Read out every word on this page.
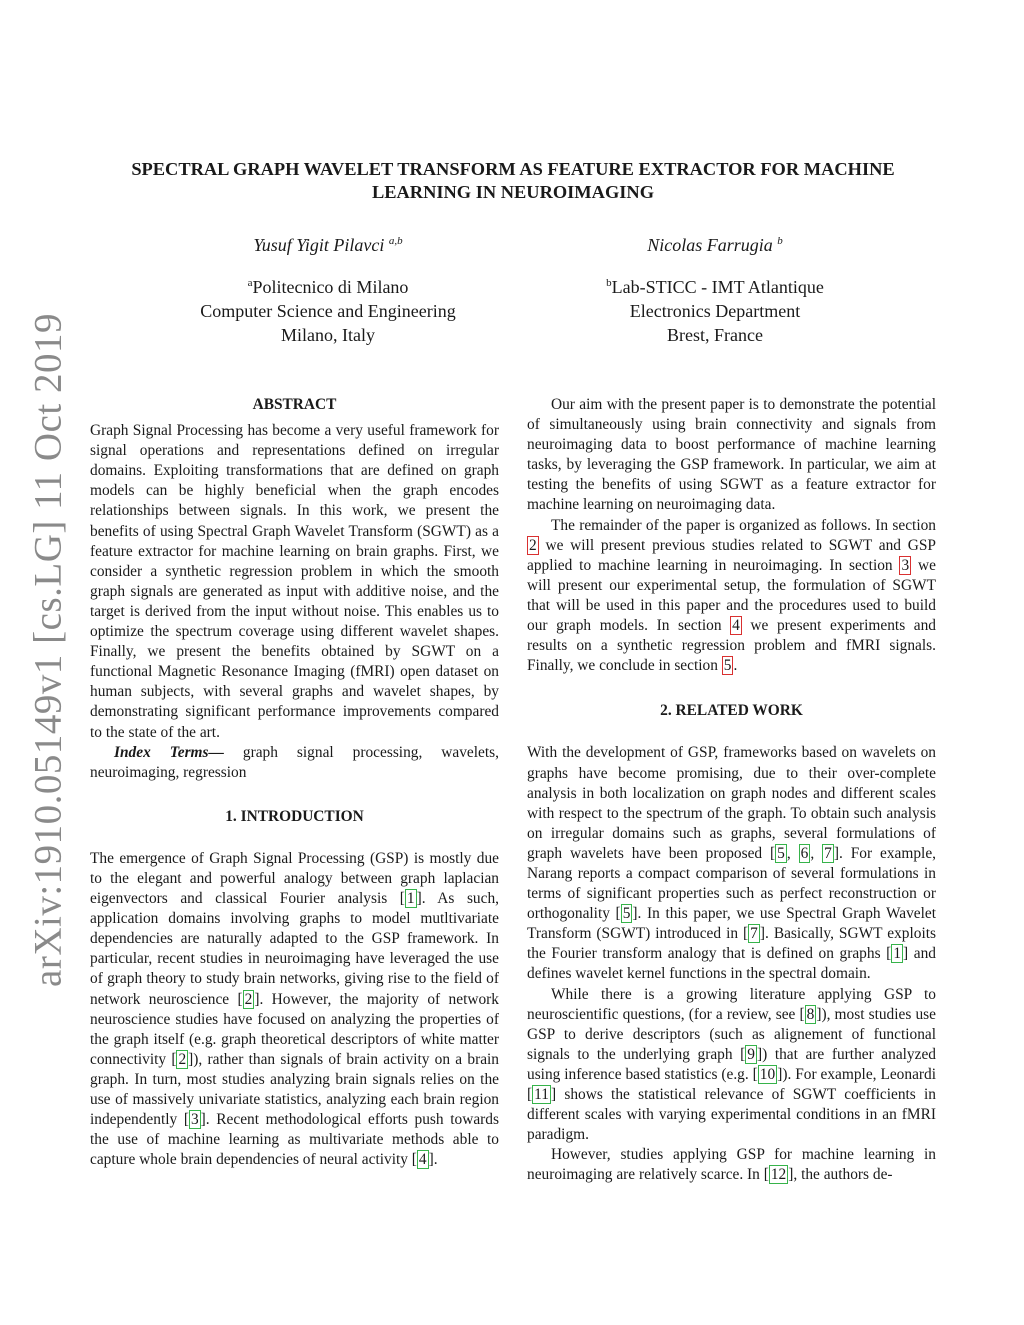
arXiv:1910.05149v1 [cs.LG] 11 Oct 2019
SPECTRAL GRAPH WAVELET TRANSFORM AS FEATURE EXTRACTOR FOR MACHINE LEARNING IN NEUROIMAGING
Yusuf Yigit Pilavci $^{a,b}$
$^a$Politecnico di Milano
Computer Science and Engineering
Milano, Italy
Nicolas Farrugia $^b$
$^b$Lab-STICC - IMT Atlantique
Electronics Department
Brest, France
ABSTRACT

Graph Signal Processing has become a very useful framework for signal operations and representations defined on irregular domains. Exploiting transformations that are defined on graph models can be highly beneficial when the graph encodes relationships between signals. In this work, we present the benefits of using Spectral Graph Wavelet Transform (SGWT) as a feature extractor for machine learning on brain graphs. First, we consider a synthetic regression problem in which the smooth graph signals are generated as input with additive noise, and the target is derived from the input without noise. This enables us to optimize the spectrum coverage using different wavelet shapes. Finally, we present the benefits obtained by SGWT on a functional Magnetic Resonance Imaging (fMRI) open dataset on human subjects, with several graphs and wavelet shapes, by demonstrating significant performance improvements compared to the state of the art.

Index Terms— graph signal processing, wavelets, neuroimaging, regression

1. INTRODUCTION

The emergence of Graph Signal Processing (GSP) is mostly due to the elegant and powerful analogy between graph laplacian eigenvectors and classical Fourier analysis [ 1 ]. As such, application domains involving graphs to model mutltivariate dependencies are naturally adapted to the GSP framework. In particular, recent studies in neuroimaging have leveraged the use of graph theory to study brain networks, giving rise to the field of network neuroscience [ 2 ]. However, the majority of network neuroscience studies have focused on analyzing the properties of the graph itself (e.g. graph theoretical descriptors of white matter connectivity [ 2 ]), rather than signals of brain activity on a brain graph. In turn, most studies analyzing brain signals relies on the use of massively univariate statistics, analyzing each brain region independently [ 3 ]. Recent methodological efforts push towards the use of machine learning as multivariate methods able to capture whole brain dependencies of neural activity [ 4 ].

Our aim with the present paper is to demonstrate the potential of simultaneously using brain connectivity and signals from neuroimaging data to boost performance of machine learning tasks, by leveraging the GSP framework. In particular, we aim at testing the benefits of using SGWT as a feature extractor for machine learning on neuroimaging data.

The remainder of the paper is organized as follows. In section 2 we will present previous studies related to SGWT and GSP applied to machine learning in neuroimaging. In section 3 we will present our experimental setup, the formulation of SGWT that will be used in this paper and the procedures used to build our graph models. In section 4 we present experiments and results on a synthetic regression problem and fMRI signals. Finally, we conclude in section 5 .

2. RELATED WORK

With the development of GSP, frameworks based on wavelets on graphs have become promising, due to their over-complete analysis in both localization on graph nodes and different scales with respect to the spectrum of the graph. To obtain such analysis on irregular domains such as graphs, several formulations of graph wavelets have been proposed [ 5 , 6 , 7 ]. For example, Narang reports a compact comparison of several formulations in terms of significant properties such as perfect reconstruction or orthogonality [ 5 ]. In this paper, we use Spectral Graph Wavelet Transform (SGWT) introduced in [ 7 ]. Basically, SGWT exploits the Fourier transform analogy that is defined on graphs [ 1 ] and defines wavelet kernel functions in the spectral domain.

While there is a growing literature applying GSP to neuroscientific questions, (for a review, see [ 8 ]), most studies use GSP to derive descriptors (such as alignement of functional signals to the underlying graph [ 9 ]) that are further analyzed using inference based statistics (e.g. [ 10 ]). For example, Leonardi [ 11 ] shows the statistical relevance of SGWT coefficients in different scales with varying experimental conditions in an fMRI paradigm.

However, studies applying GSP for machine learning in neuroimaging are relatively scarce. In [ 12 ], the authors de-
